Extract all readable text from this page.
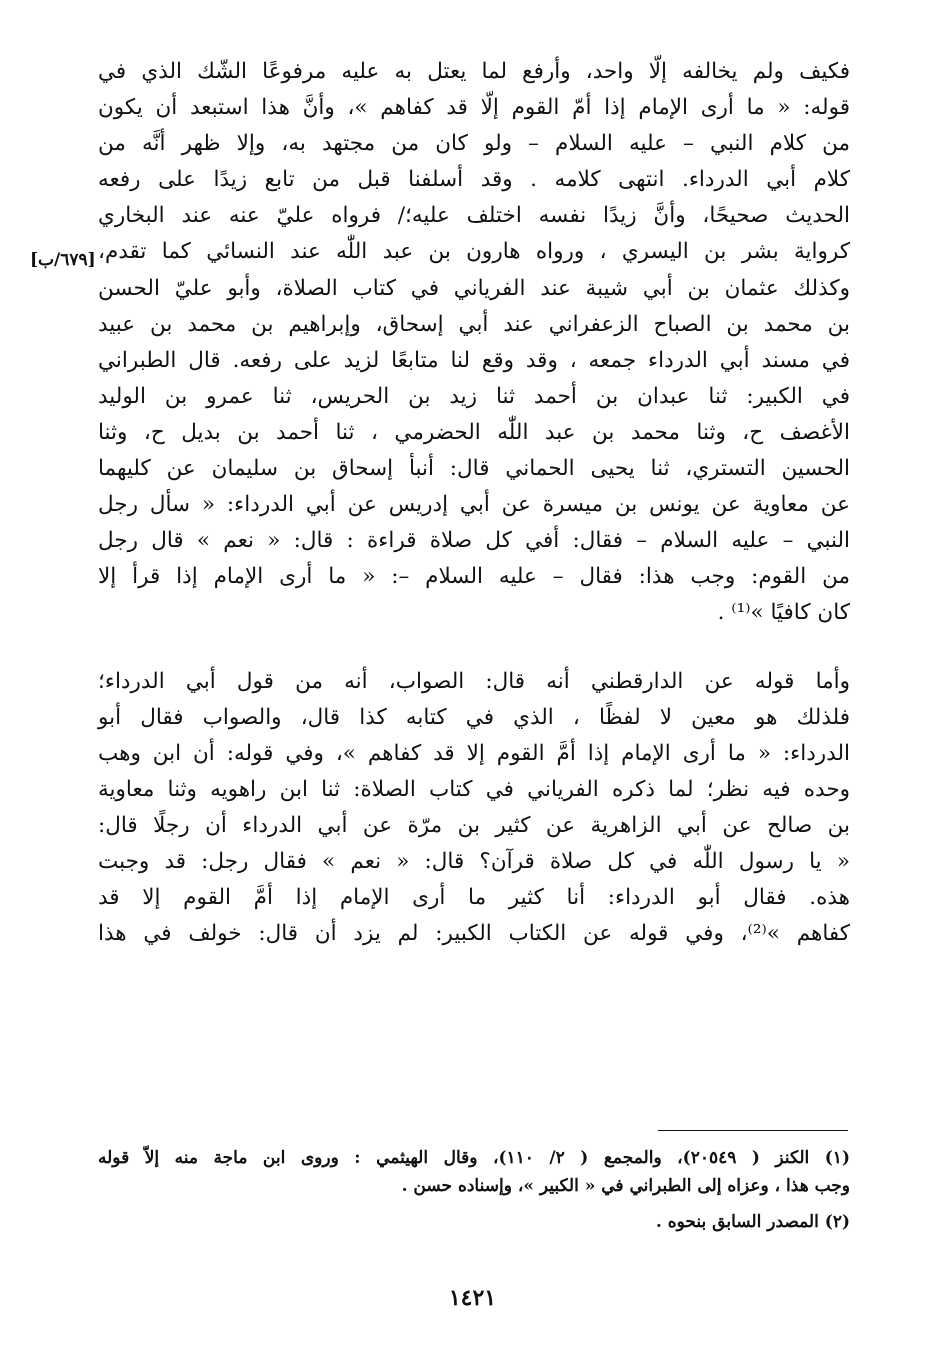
[٦٧٩/ب]
فكيف ولم يخالفه إلّا واحد، وأرفع لما يعتل به عليه مرفوعًا الشّك الذي في
قوله: « ما أرى الإمام إذا أمّ القوم إلّا قد كفاهم »، وأنَّ هذا استبعد أن يكون
من كلام النبي – عليه السلام – ولو كان من مجتهد به، وإلا ظهر أنَّه من
كلام أبي الدرداء. انتهى كلامه . وقد أسلفنا قبل من تابع زيدًا على رفعه
الحديث صحيحًا، وأنَّ زيدًا نفسه اختلف عليه؛/ فرواه عليّ عنه عند البخاري
كرواية بشر بن اليسري ، ورواه هارون بن عبد اللّٰه عند النسائي كما تقدم،
وكذلك عثمان بن أبي شيبة عند الفرياني في كتاب الصلاة، وأبو عليّ الحسن
بن محمد بن الصباح الزعفراني عند أبي إسحاق، وإبراهيم بن محمد بن عبيد
في مسند أبي الدرداء جمعه ، وقد وقع لنا متابعًا لزيد على رفعه. قال الطبراني
في الكبير: ثنا عبدان بن أحمد ثنا زيد بن الحريس، ثنا عمرو بن الوليد
الأغصف ح، وثنا محمد بن عبد اللّٰه الحضرمي ، ثنا أحمد بن بديل ح، وثنا
الحسين التستري، ثنا يحيى الحماني قال: أنبأ إسحاق بن سليمان عن كليهما
عن معاوية عن يونس بن ميسرة عن أبي إدريس عن أبي الدرداء: « سأل رجل
النبي – عليه السلام – فقال: أفي كل صلاة قراءة : قال: « نعم » قال رجل
من القوم: وجب هذا: فقال – عليه السلام –: « ما أرى الإمام إذا قرأ إلا
كان كافيًا »⁽¹⁾ .
وأما قوله عن الدارقطني أنه قال: الصواب، أنه من قول أبي الدرداء؛
فلذلك هو معين لا لفظًا ، الذي في كتابه كذا قال، والصواب فقال أبو
الدرداء: « ما أرى الإمام إذا أمَّ القوم إلا قد كفاهم »، وفي قوله: أن ابن وهب
وحده فيه نظر؛ لما ذكره الفرياني في كتاب الصلاة: ثنا ابن راهويه وثنا معاوية
بن صالح عن أبي الزاهرية عن كثير بن مرّة عن أبي الدرداء أن رجلًا قال:
« يا رسول اللّٰه في كل صلاة قرآن؟ قال: « نعم » فقال رجل: قد وجبت
هذه. فقال أبو الدرداء: أنا كثير ما أرى الإمام إذا أمَّ القوم إلا قد
كفاهم »⁽²⁾، وفي قوله عن الكتاب الكبير: لم يزد أن قال: خولف في هذا
(١) الكنز ( ٢٠٥٤٩)، والمجمع ( ٢/ ١١٠)، وقال الهيثمي : وروى ابن ماجة منه إلاّ قوله
وجب هذا ، وعزاه إلى الطبراني في « الكبير »، وإسناده حسن .
(٢) المصدر السابق بنحوه .
١٤٢١
